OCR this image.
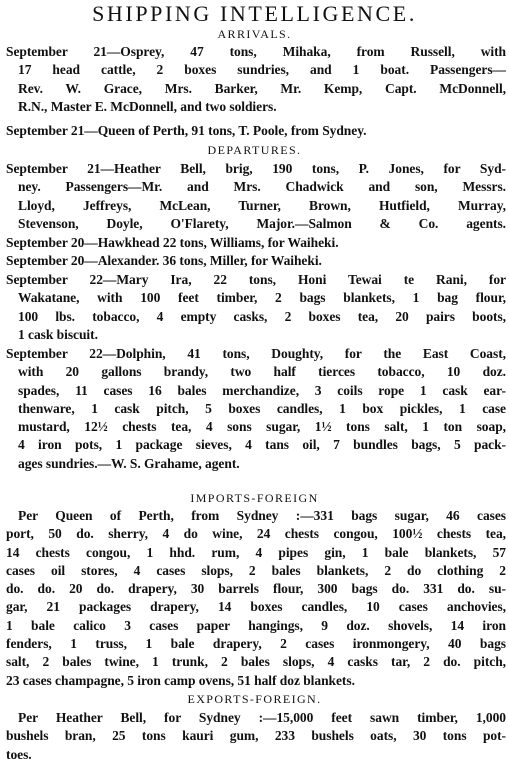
SHIPPING INTELLIGENCE.
ARRIVALS.
September 21—Osprey, 47 tons, Mihaka, from Russell, with
17 head cattle, 2 boxes sundries, and 1 boat. Passengers—
Rev. W. Grace, Mrs. Barker, Mr. Kemp, Capt. McDonnell,
R.N., Master E. McDonnell, and two soldiers.
September 21—Queen of Perth, 91 tons, T. Poole, from Sydney.
DEPARTURES.
September 21—Heather Bell, brig, 190 tons, P. Jones, for Syd-
ney. Passengers—Mr. and Mrs. Chadwick and son, Messrs.
Lloyd, Jeffreys, McLean, Turner, Brown, Hutfield, Murray,
Stevenson, Doyle, O'Flarety, Major.—Salmon & Co. agents.
September 20—Hawkhead 22 tons, Williams, for Waiheki.
September 20—Alexander. 36 tons, Miller, for Waiheki.
September 22—Mary Ira, 22 tons, Honi Tewai te Rani, for
Wakatane, with 100 feet timber, 2 bags blankets, 1 bag flour,
100 lbs. tobacco, 4 empty casks, 2 boxes tea, 20 pairs boots,
1 cask biscuit.
September 22—Dolphin, 41 tons, Doughty, for the East Coast,
with 20 gallons brandy, two half tierces tobacco, 10 doz.
spades, 11 cases 16 bales merchandize, 3 coils rope 1 cask ear-
thenware, 1 cask pitch, 5 boxes candles, 1 box pickles, 1 case
mustard, 12½ chests tea, 4 sons sugar, 1½ tons salt, 1 ton soap,
4 iron pots, 1 package sieves, 4 tans oil, 7 bundles bags, 5 pack-
ages sundries.—W. S. Grahame, agent.
IMPORTS-FOREIGN
Per Queen of Perth, from Sydney :—331 bags sugar, 46 cases
port, 50 do. sherry, 4 do wine, 24 chests congou, 100½ chests tea,
14 chests congou, 1 hhd. rum, 4 pipes gin, 1 bale blankets, 57
cases oil stores, 4 cases slops, 2 bales blankets, 2 do clothing 2
do. do. 20 do. drapery, 30 barrels flour, 300 bags do. 331 do. su-
gar, 21 packages drapery, 14 boxes candles, 10 cases anchovies,
1 bale calico 3 cases paper hangings, 9 doz. shovels, 14 iron
fenders, 1 truss, 1 bale drapery, 2 cases ironmongery, 40 bags
salt, 2 bales twine, 1 trunk, 2 bales slops, 4 casks tar, 2 do. pitch,
23 cases champagne, 5 iron camp ovens, 51 half doz blankets.
EXPORTS-FOREIGN.
Per Heather Bell, for Sydney :—15,000 feet sawn timber, 1,000
bushels bran, 25 tons kauri gum, 233 bushels oats, 30 tons pot-
toes.
